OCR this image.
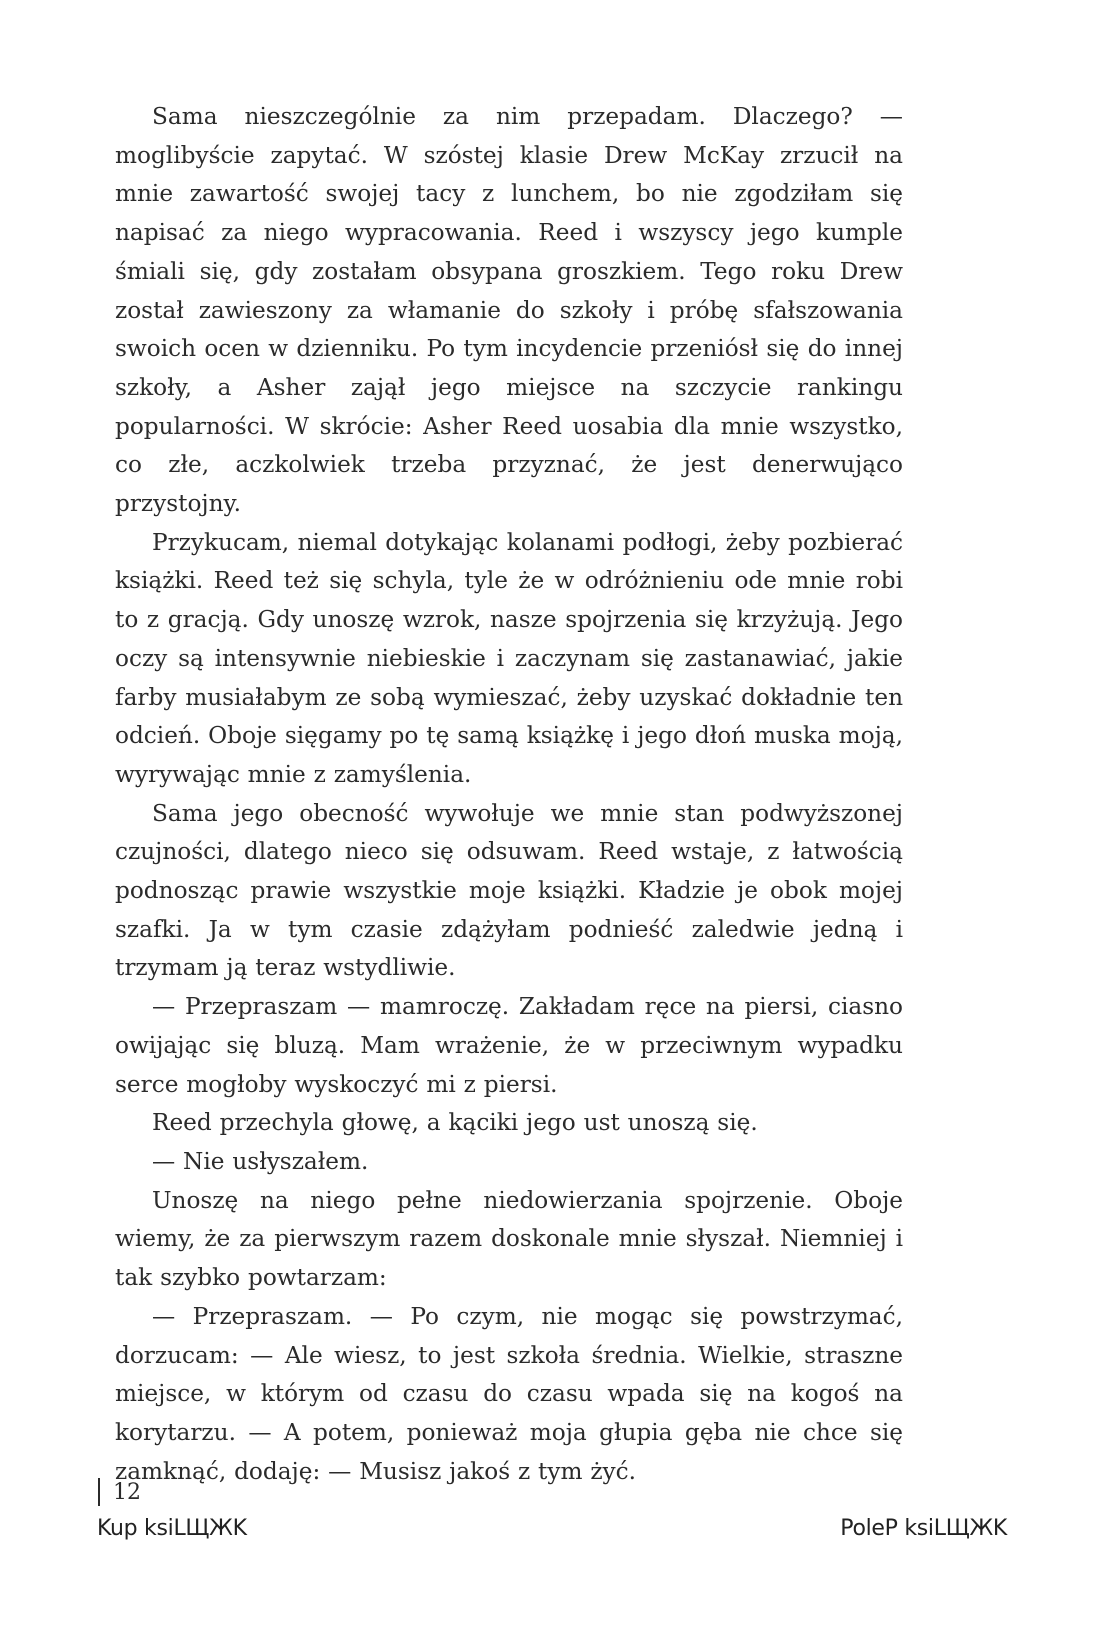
Sama nieszczególnie za nim przepadam. Dlaczego? — moglibyście zapytać. W szóstej klasie Drew McKay zrzucił na mnie zawartość swojej tacy z lunchem, bo nie zgodziłam się napisać za niego wypracowania. Reed i wszyscy jego kumple śmiali się, gdy zostałam obsypana groszkiem. Tego roku Drew został zawieszony za włamanie do szkoły i próbę sfałszowania swoich ocen w dzienniku. Po tym incydencie przeniósł się do innej szkoły, a Asher zajął jego miejsce na szczycie rankingu popularności. W skrócie: Asher Reed uosabia dla mnie wszystko, co złe, aczkolwiek trzeba przyznać, że jest denerwująco przystojny.

Przykucam, niemal dotykając kolanami podłogi, żeby pozbierać książki. Reed też się schyla, tyle że w odróżnieniu ode mnie robi to z gracją. Gdy unoszę wzrok, nasze spojrzenia się krzyżują. Jego oczy są intensywnie niebieskie i zaczynam się zastanawiać, jakie farby musiałabym ze sobą wymieszać, żeby uzyskać dokładnie ten odcień. Oboje sięgamy po tę samą książkę i jego dłoń muska moją, wyrywając mnie z zamyślenia.

Sama jego obecność wywołuje we mnie stan podwyższonej czujności, dlatego nieco się odsuwam. Reed wstaje, z łatwością podnosząc prawie wszystkie moje książki. Kładzie je obok mojej szafki. Ja w tym czasie zdążyłam podnieść zaledwie jedną i trzymam ją teraz wstydliwie.

— Przepraszam — mamroczę. Zakładam ręce na piersi, ciasno owijając się bluzą. Mam wrażenie, że w przeciwnym wypadku serce mogłoby wyskoczyć mi z piersi.

Reed przechyla głowę, a kąciki jego ust unoszą się.

— Nie usłyszałem.

Unoszę na niego pełne niedowierzania spojrzenie. Oboje wiemy, że za pierwszym razem doskonale mnie słyszał. Niemniej i tak szybko powtarzam:

— Przepraszam. — Po czym, nie mogąc się powstrzymać, dorzucam: — Ale wiesz, to jest szkoła średnia. Wielkie, straszne miejsce, w którym od czasu do czasu wpada się na kogoś na korytarzu. — A potem, ponieważ moja głupia gęba nie chce się zamknąć, dodaję: — Musisz jakoś z tym żyć.

12
Kup ksiLЩЖK	PoleP ksiLЩЖK
